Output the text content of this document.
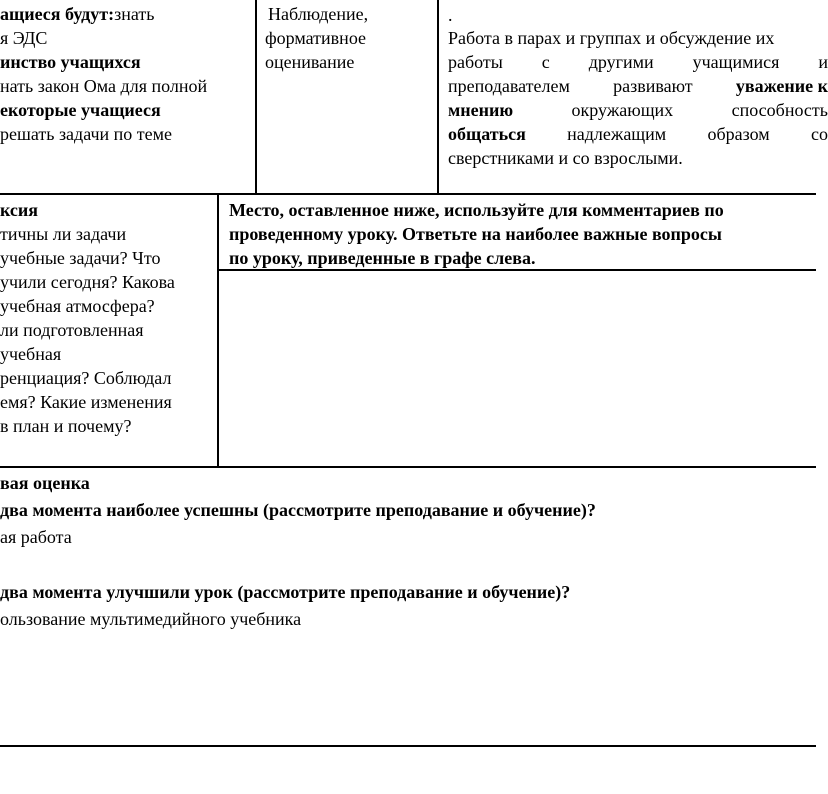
ащиеся будут:знать
я ЭДС
инство учащихся
нать закон Ома для полной
екоторые учащиеся
решать задачи по теме
Наблюдение,
формативное
оценивание
.
Работа в парах и группах и обсуждение их
работы с другими учащимися и
преподавателем развивают уважение к
мнению	окружающих	способность
общаться надлежащим образом со
сверстниками и со взрослыми.
ксия
тичны ли задачи
учебные задачи? Что
учили сегодня? Какова
учебная атмосфера?
ли подготовленная
учебная
ренциация? Соблюдал
емя? Какие изменения
в план и почему?
Место, оставленное ниже, используйте для комментариев по
проведенному уроку. Ответьте на наиболее важные вопросы
по уроку, приведенные в графе слева.
вая оценка
два момента наиболее успешны (рассмотрите преподавание и обучение)?
ая работа
два момента улучшили урок (рассмотрите преподавание и обучение)?
ользование мультимедийного учебника
